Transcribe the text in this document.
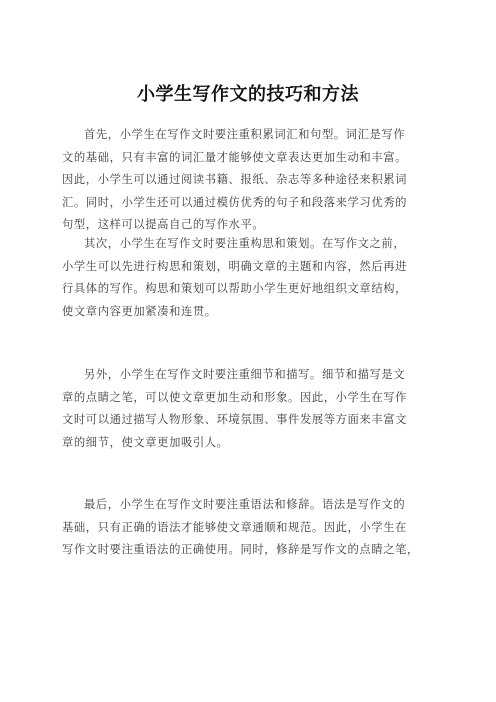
小学生写作文的技巧和方法
首先，小学生在写作文时要注重积累词汇和句型。词汇是写作
文的基础，只有丰富的词汇量才能够使文章表达更加生动和丰富。
因此，小学生可以通过阅读书籍、报纸、杂志等多种途径来积累词
汇。同时，小学生还可以通过模仿优秀的句子和段落来学习优秀的
句型，这样可以提高自己的写作水平。
其次，小学生在写作文时要注重构思和策划。在写作文之前，
小学生可以先进行构思和策划，明确文章的主题和内容，然后再进
行具体的写作。构思和策划可以帮助小学生更好地组织文章结构，
使文章内容更加紧凑和连贯。
另外，小学生在写作文时要注重细节和描写。细节和描写是文
章的点睛之笔，可以使文章更加生动和形象。因此，小学生在写作
文时可以通过描写人物形象、环境氛围、事件发展等方面来丰富文
章的细节，使文章更加吸引人。
最后，小学生在写作文时要注重语法和修辞。语法是写作文的
基础，只有正确的语法才能够使文章通顺和规范。因此，小学生在
写作文时要注重语法的正确使用。同时，修辞是写作文的点睛之笔，
